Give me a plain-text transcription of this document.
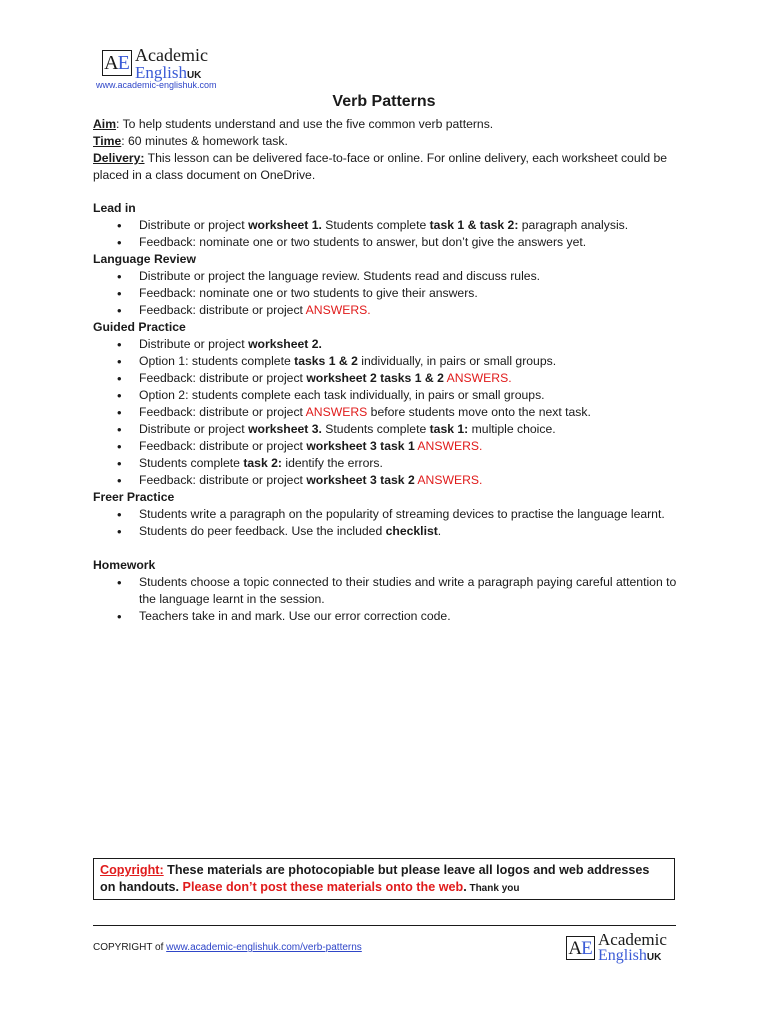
A E Academic
EnglishUK
www.academic-englishuk.com
Verb Patterns
Aim: To help students understand and use the five common verb patterns.
Time: 60 minutes & homework task.
Delivery: This lesson can be delivered face-to-face or online. For online delivery, each worksheet could be placed in a class document on OneDrive.
Lead in
• Distribute or project worksheet 1. Students complete task 1 & task 2: paragraph analysis.
• Feedback: nominate one or two students to answer, but don’t give the answers yet.
Language Review
• Distribute or project the language review. Students read and discuss rules.
• Feedback: nominate one or two students to give their answers.
• Feedback: distribute or project ANSWERS.
Guided Practice
• Distribute or project worksheet 2.
• Option 1: students complete tasks 1 & 2 individually, in pairs or small groups.
• Feedback: distribute or project worksheet 2 tasks 1 & 2 ANSWERS.
• Option 2: students complete each task individually, in pairs or small groups.
• Feedback: distribute or project ANSWERS before students move onto the next task.
• Distribute or project worksheet 3. Students complete task 1: multiple choice.
• Feedback: distribute or project worksheet 3 task 1 ANSWERS.
• Students complete task 2: identify the errors.
• Feedback: distribute or project worksheet 3 task 2 ANSWERS.
Freer Practice
• Students write a paragraph on the popularity of streaming devices to practise the language learnt.
• Students do peer feedback. Use the included checklist.
Homework
• Students choose a topic connected to their studies and write a paragraph paying careful attention to the language learnt in the session.
• Teachers take in and mark. Use our error correction code.
Copyright: These materials are photocopiable but please leave all logos and web addresses on handouts. Please don’t post these materials onto the web. Thank you
COPYRIGHT of www.academic-englishuk.com/verb-patterns	A E Academic
EnglishUK
